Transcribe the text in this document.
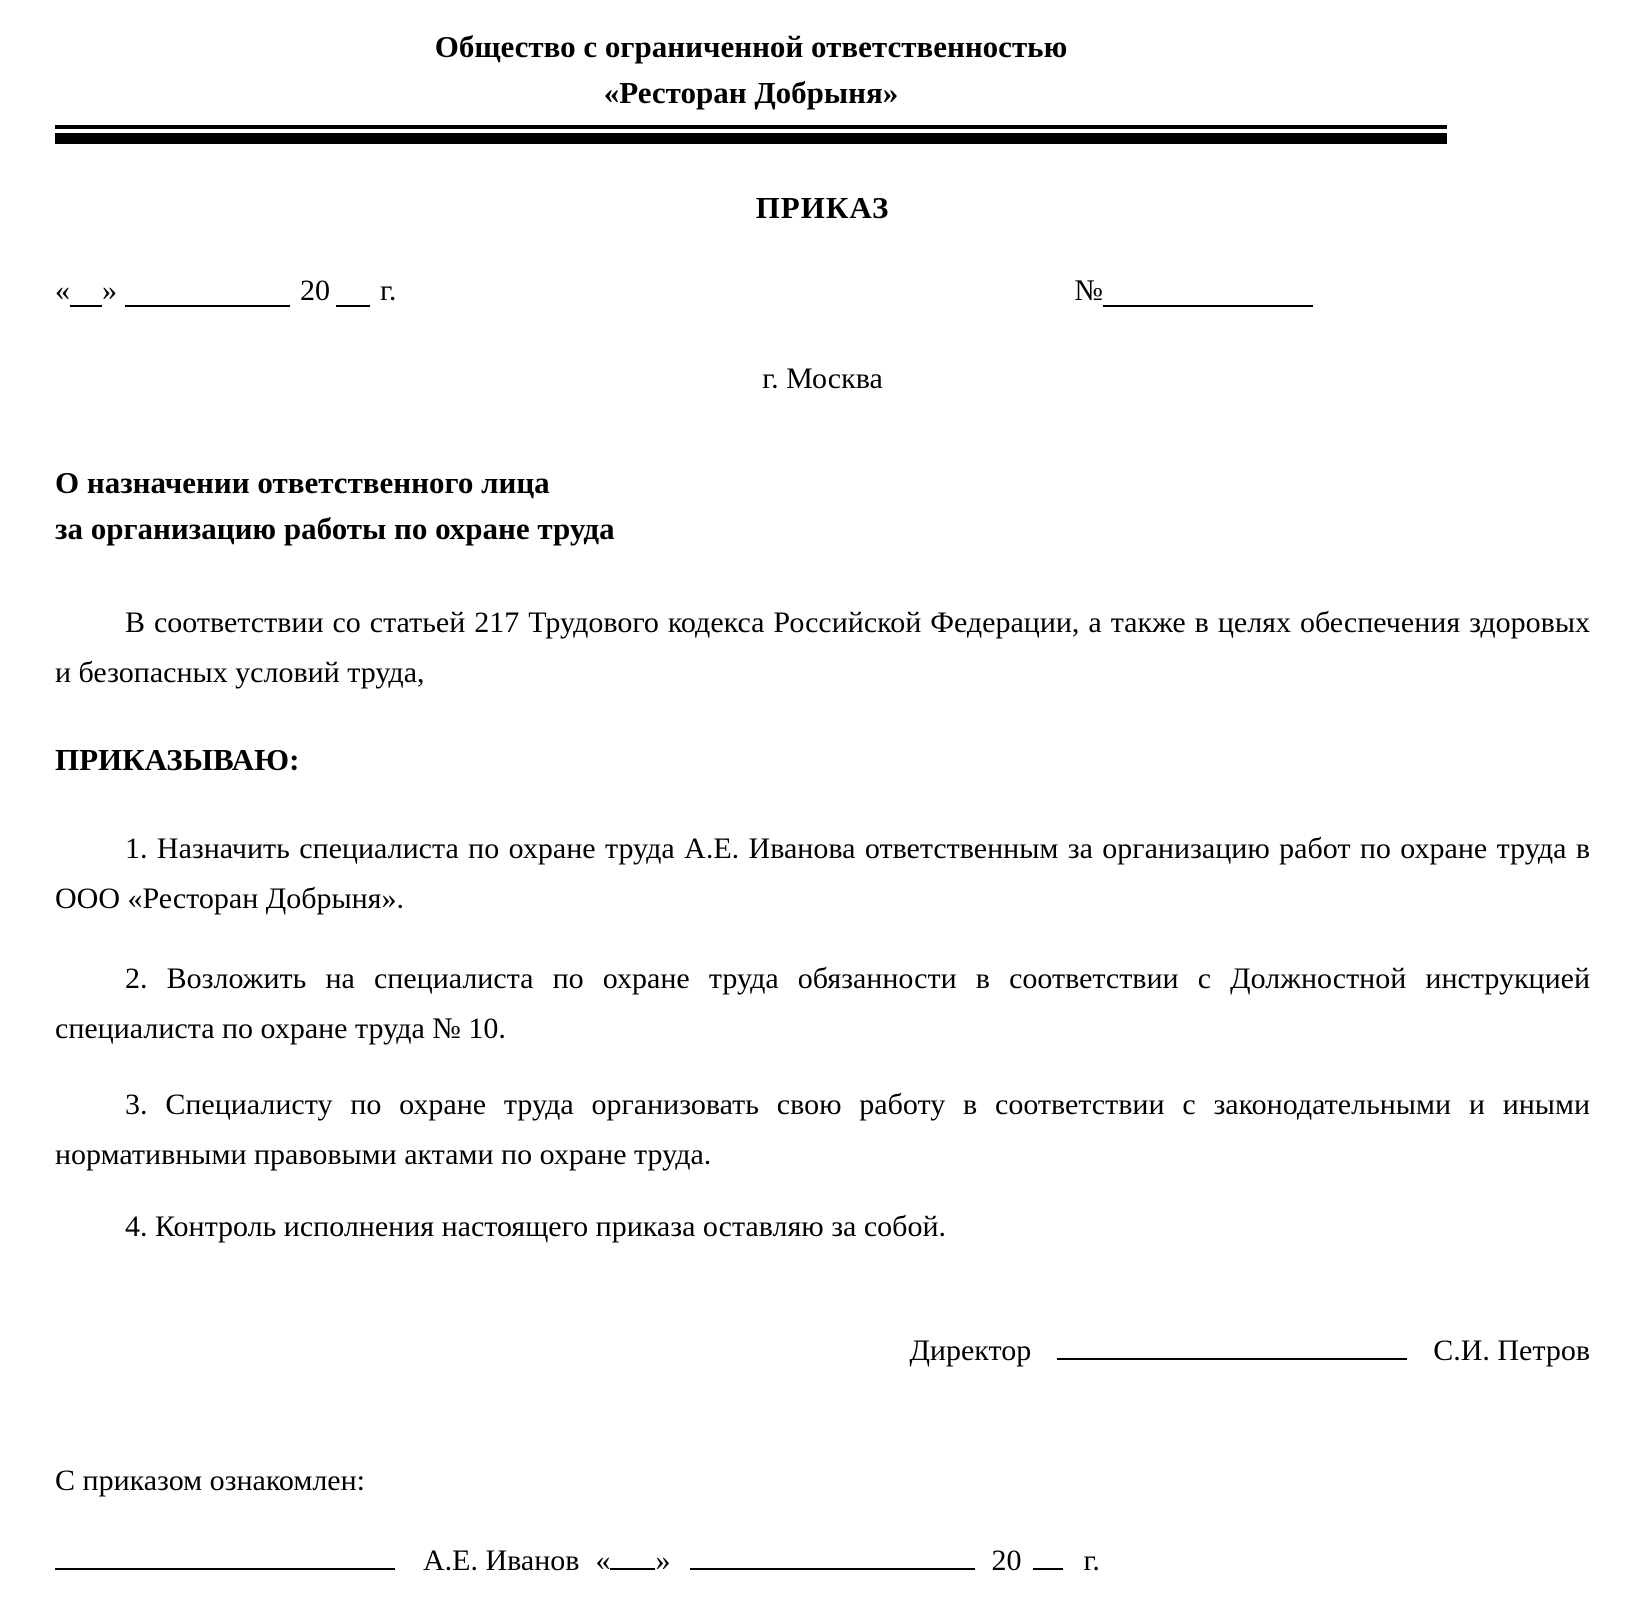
Общество с ограниченной ответственностью
«Ресторан Добрыня»
ПРИКАЗ
« »	20 г.	№
г. Москва
О назначении ответственного лица
за организацию работы по охране труда
В соответствии со статьей 217 Трудового кодекса Российской Федерации, а также в целях обеспечения здоровых и безопасных условий труда,
ПРИКАЗЫВАЮ:
1. Назначить специалиста по охране труда А.Е. Иванова ответственным за организацию работ по охране труда в ООО «Ресторан Добрыня».
2. Возложить на специалиста по охране труда обязанности в соответствии с Должностной инструкцией специалиста по охране труда № 10.
3. Специалисту по охране труда организовать свою работу в соответствии с законодательными и иными нормативными правовыми актами по охране труда.
4. Контроль исполнения настоящего приказа оставляю за собой.
Директор	С.И. Петров
С приказом ознакомлен:
А.Е. Иванов « »	20 г.
